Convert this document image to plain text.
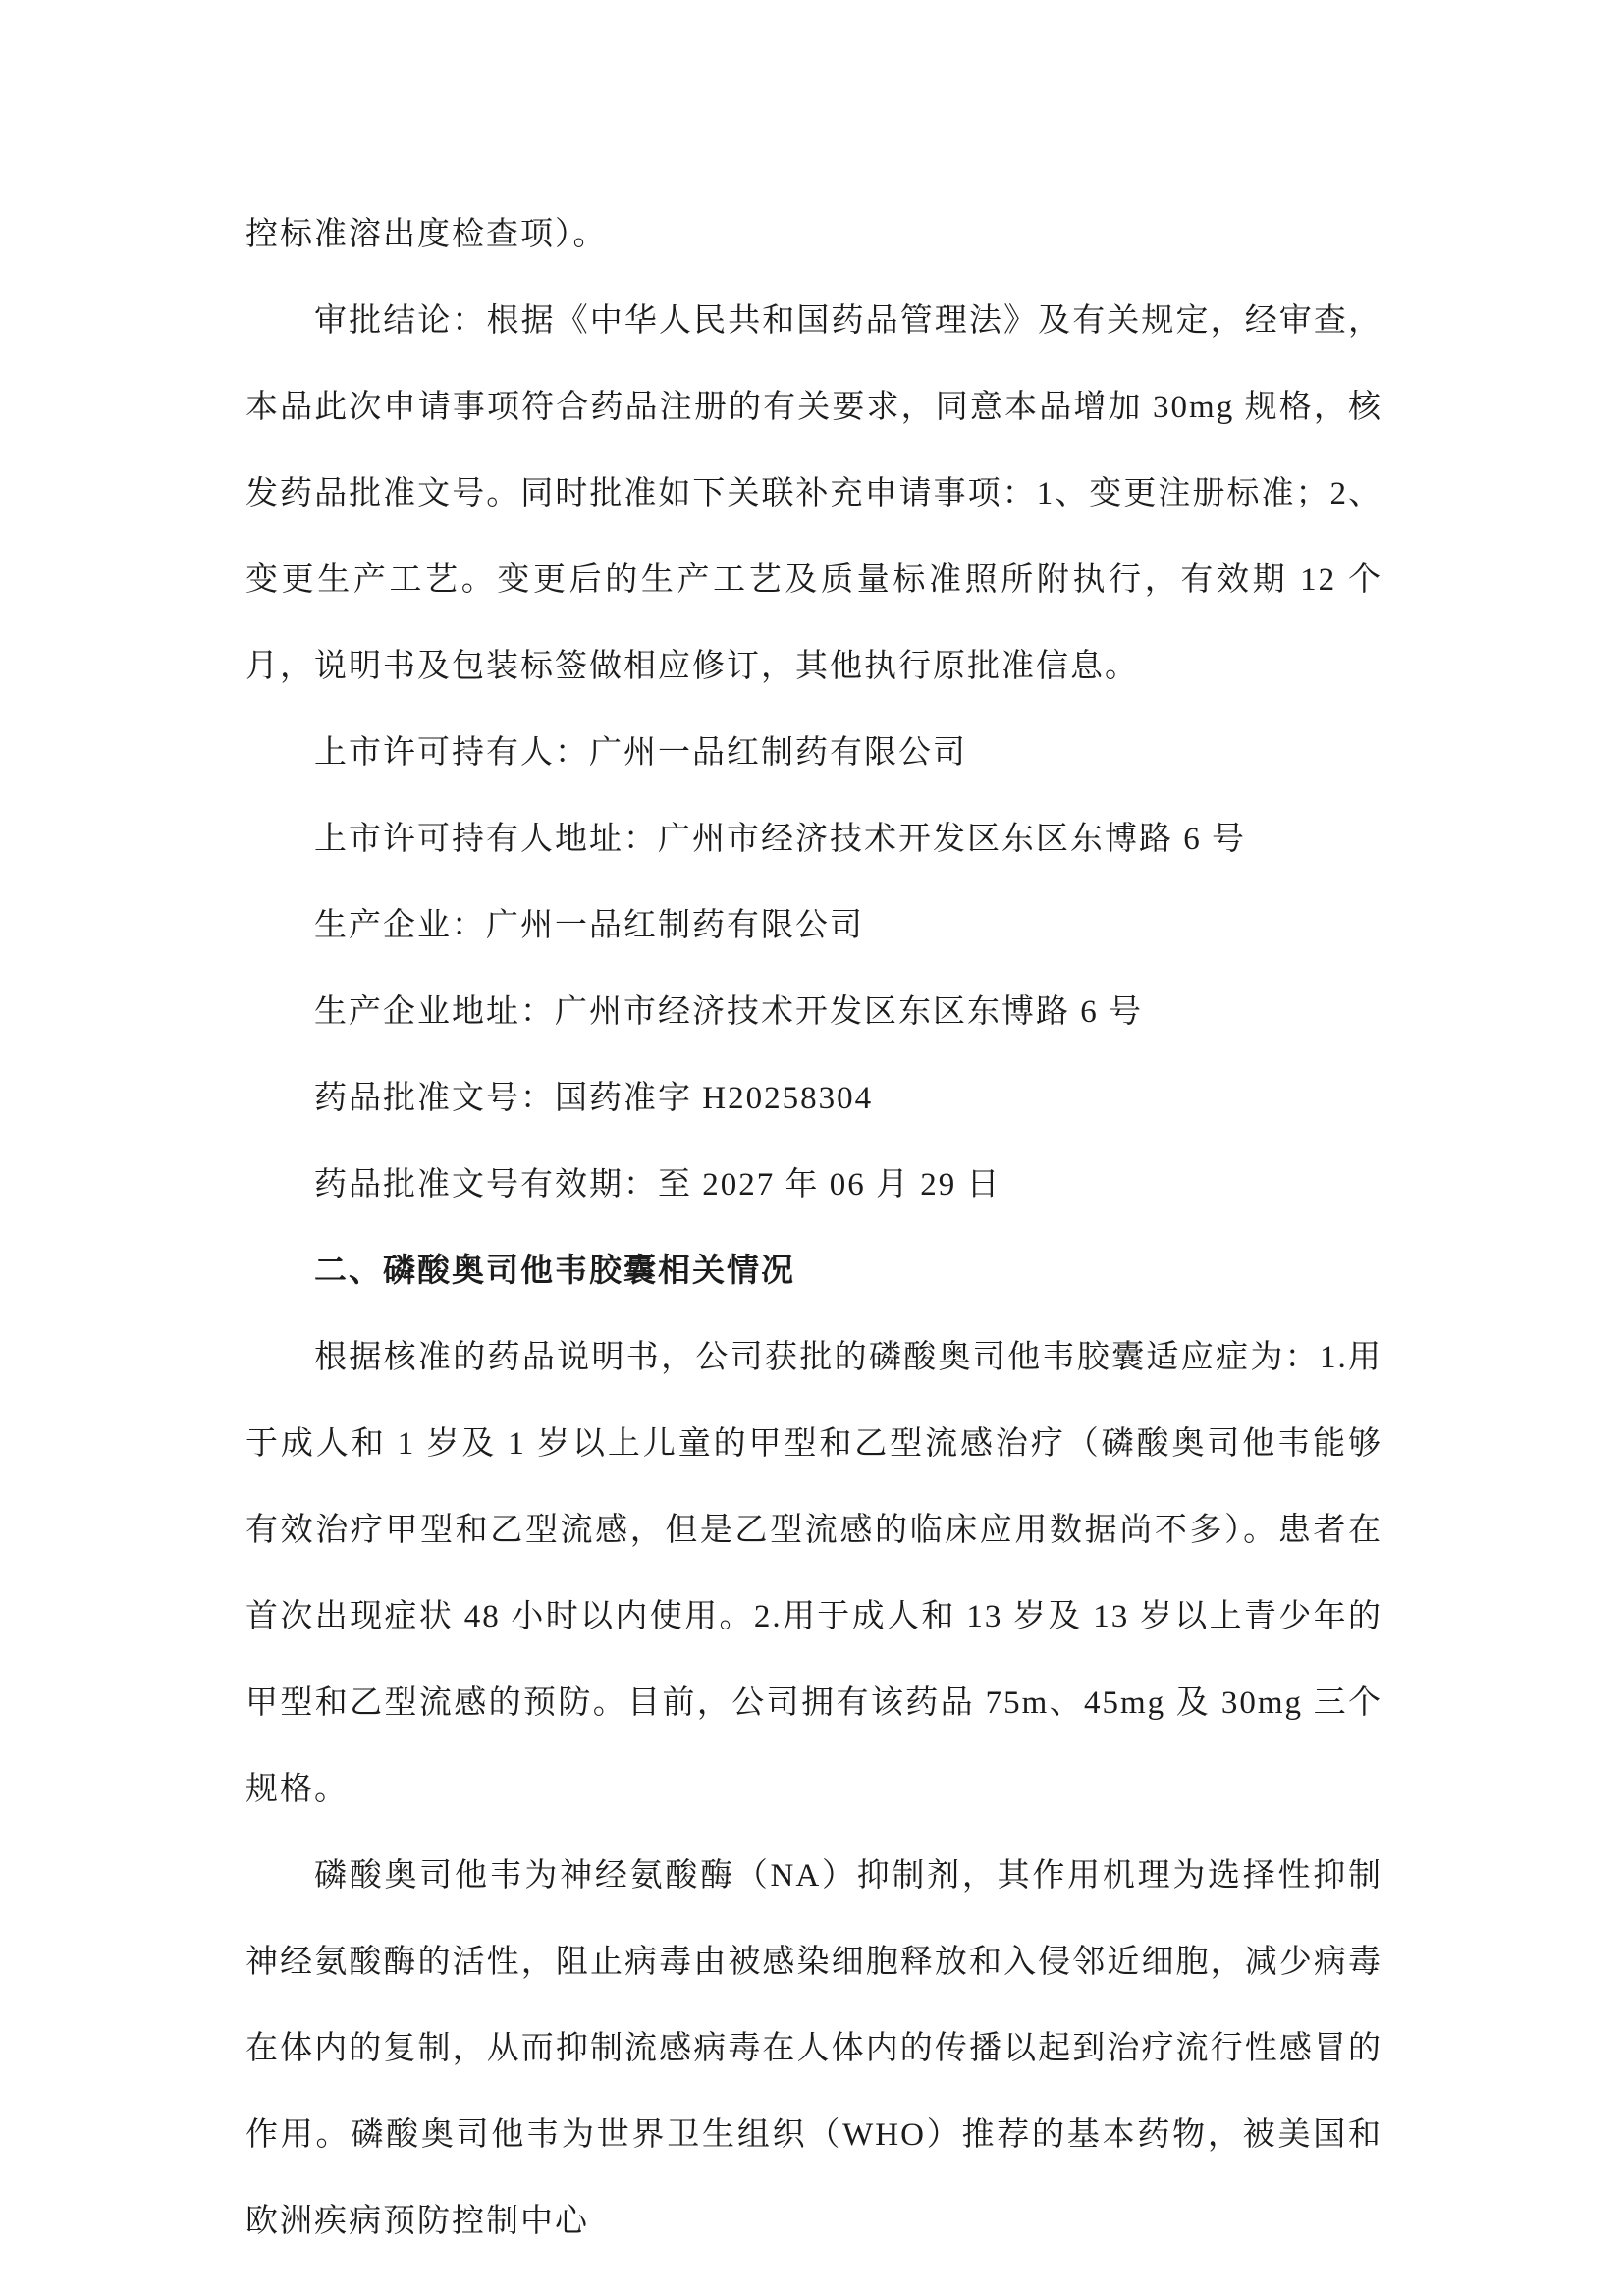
控标准溶出度检查项）。

审批结论：根据《中华人民共和国药品管理法》及有关规定，经审查，本品此次申请事项符合药品注册的有关要求，同意本品增加 30mg 规格，核发药品批准文号。同时批准如下关联补充申请事项：1、变更注册标准；2、变更生产工艺。变更后的生产工艺及质量标准照所附执行，有效期 12 个月，说明书及包装标签做相应修订，其他执行原批准信息。

上市许可持有人：广州一品红制药有限公司

上市许可持有人地址：广州市经济技术开发区东区东博路 6 号

生产企业：广州一品红制药有限公司

生产企业地址：广州市经济技术开发区东区东博路 6 号

药品批准文号：国药准字 H20258304

药品批准文号有效期：至 2027 年 06 月 29 日

二、磷酸奥司他韦胶囊相关情况

根据核准的药品说明书，公司获批的磷酸奥司他韦胶囊适应症为：1.用于成人和 1 岁及 1 岁以上儿童的甲型和乙型流感治疗（磷酸奥司他韦能够有效治疗甲型和乙型流感，但是乙型流感的临床应用数据尚不多）。患者在首次出现症状 48 小时以内使用。2.用于成人和 13 岁及 13 岁以上青少年的甲型和乙型流感的预防。目前，公司拥有该药品 75m、45mg 及 30mg 三个规格。

磷酸奥司他韦为神经氨酸酶（NA）抑制剂，其作用机理为选择性抑制神经氨酸酶的活性，阻止病毒由被感染细胞释放和入侵邻近细胞，减少病毒在体内的复制，从而抑制流感病毒在人体内的传播以起到治疗流行性感冒的作用。磷酸奥司他韦为世界卫生组织（WHO）推荐的基本药物，被美国和欧洲疾病预防控制中心
